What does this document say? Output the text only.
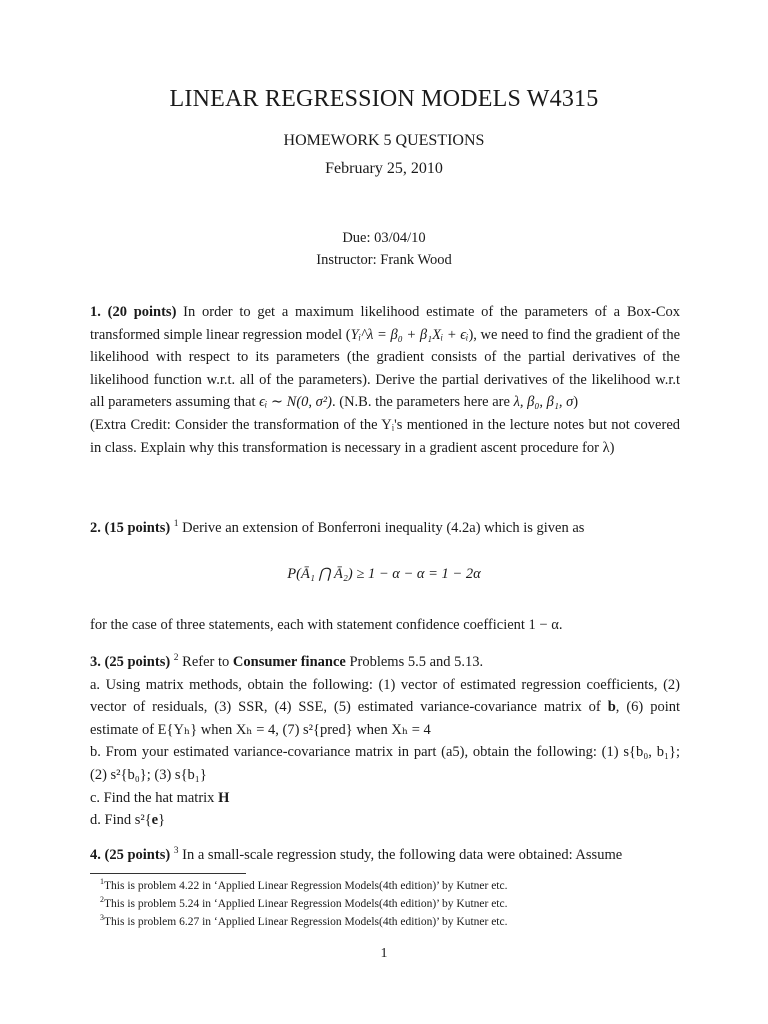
LINEAR REGRESSION MODELS W4315
HOMEWORK 5 QUESTIONS
February 25, 2010
Due: 03/04/10
Instructor: Frank Wood
1. (20 points) In order to get a maximum likelihood estimate of the parameters of a Box-Cox transformed simple linear regression model (Yᵢ^λ = β₀ + β₁Xᵢ + ϵᵢ), we need to find the gradient of the likelihood with respect to its parameters (the gradient consists of the partial derivatives of the likelihood function w.r.t. all of the parameters). Derive the partial derivatives of the likelihood w.r.t all parameters assuming that ϵᵢ ∼ N(0, σ²). (N.B. the parameters here are λ, β₀, β₁, σ)
(Extra Credit: Consider the transformation of the Yᵢ's mentioned in the lecture notes but not covered in class. Explain why this transformation is necessary in a gradient ascent procedure for λ)
2. (15 points) $^1$ Derive an extension of Bonferroni inequality (4.2a) which is given as
P(Ā₁ ⋂ Ā₂) ≥ 1 − α − α = 1 − 2α
for the case of three statements, each with statement confidence coefficient 1 − α.
3. (25 points) $^2$ Refer to Consumer finance Problems 5.5 and 5.13.
a. Using matrix methods, obtain the following: (1) vector of estimated regression coefficients, (2) vector of residuals, (3) SSR, (4) SSE, (5) estimated variance-covariance matrix of b, (6) point estimate of E{Yₕ} when Xₕ = 4, (7) s²{pred} when Xₕ = 4
b. From your estimated variance-covariance matrix in part (a5), obtain the following: (1) s{b₀, b₁}; (2) s²{b₀}; (3) s{b₁}
c. Find the hat matrix H
d. Find s²{e}
4. (25 points) $^3$ In a small-scale regression study, the following data were obtained: Assume
$^1$This is problem 4.22 in ‘Applied Linear Regression Models(4th edition)’ by Kutner etc.
$^2$This is problem 5.24 in ‘Applied Linear Regression Models(4th edition)’ by Kutner etc.
$^3$This is problem 6.27 in ‘Applied Linear Regression Models(4th edition)’ by Kutner etc.
1
